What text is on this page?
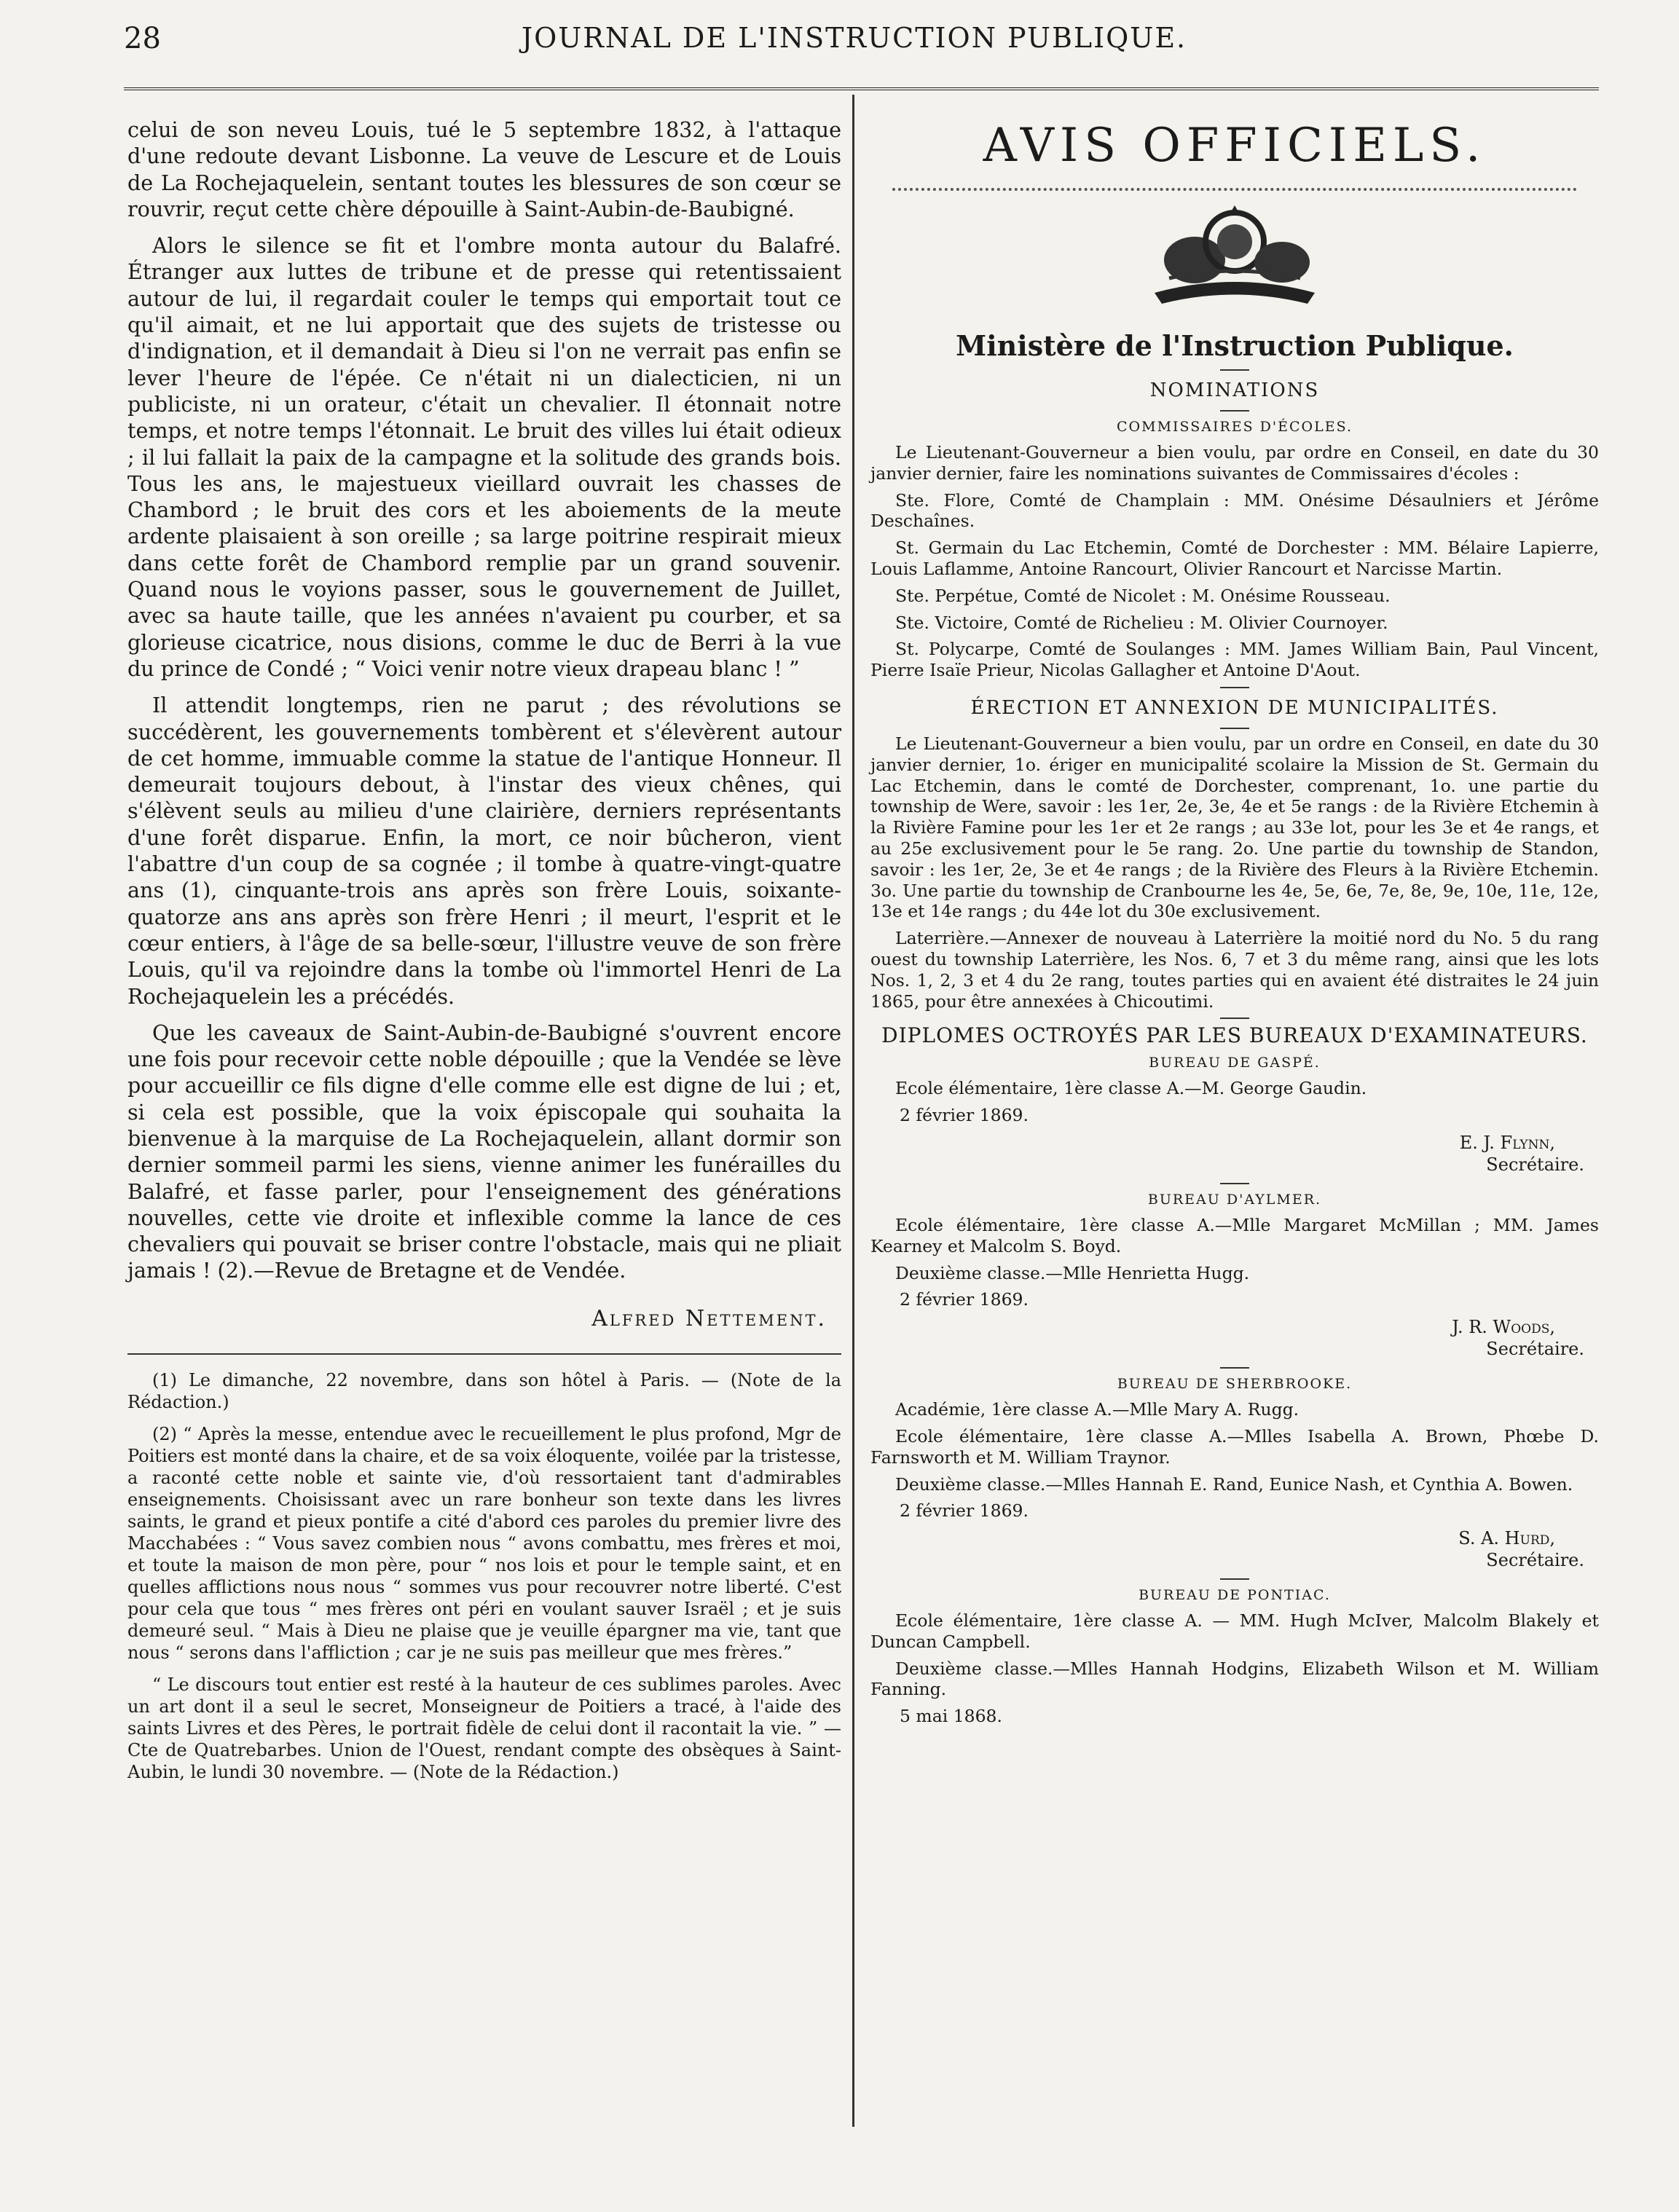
28	JOURNAL DE L'INSTRUCTION PUBLIQUE.

celui de son neveu Louis, tué le 5 septembre 1832, à l'attaque d'une redoute devant Lisbonne. La veuve de Lescure et de Louis de La Rochejaquelein, sentant toutes les blessures de son cœur se rouvrir, reçut cette chère dépouille à Saint-Aubin-de-Baubigné.

Alors le silence se fit et l'ombre monta autour du Balafré. Étranger aux luttes de tribune et de presse qui retentissaient autour de lui, il regardait couler le temps qui emportait tout ce qu'il aimait, et ne lui apportait que des sujets de tristesse ou d'indignation, et il demandait à Dieu si l'on ne verrait pas enfin se lever l'heure de l'épée. Ce n'était ni un dialecticien, ni un publiciste, ni un orateur, c'était un chevalier. Il étonnait notre temps, et notre temps l'étonnait. Le bruit des villes lui était odieux ; il lui fallait la paix de la campagne et la solitude des grands bois. Tous les ans, le majestueux vieillard ouvrait les chasses de Chambord ; le bruit des cors et les aboiements de la meute ardente plaisaient à son oreille ; sa large poitrine respirait mieux dans cette forêt de Chambord remplie par un grand souvenir. Quand nous le voyions passer, sous le gouvernement de Juillet, avec sa haute taille, que les années n'avaient pu courber, et sa glorieuse cicatrice, nous disions, comme le duc de Berri à la vue du prince de Condé ; “ Voici venir notre vieux drapeau blanc ! ”

Il attendit longtemps, rien ne parut ; des révolutions se succédèrent, les gouvernements tombèrent et s'élevèrent autour de cet homme, immuable comme la statue de l'antique Honneur. Il demeurait toujours debout, à l'instar des vieux chênes, qui s'élèvent seuls au milieu d'une clairière, derniers représentants d'une forêt disparue. Enfin, la mort, ce noir bûcheron, vient l'abattre d'un coup de sa cognée ; il tombe à quatre-vingt-quatre ans (1), cinquante-trois ans après son frère Louis, soixante-quatorze ans ans après son frère Henri ; il meurt, l'esprit et le cœur entiers, à l'âge de sa belle-sœur, l'illustre veuve de son frère Louis, qu'il va rejoindre dans la tombe où l'immortel Henri de La Rochejaquelein les a précédés.

Que les caveaux de Saint-Aubin-de-Baubigné s'ouvrent encore une fois pour recevoir cette noble dépouille ; que la Vendée se lève pour accueillir ce fils digne d'elle comme elle est digne de lui ; et, si cela est possible, que la voix épiscopale qui souhaita la bienvenue à la marquise de La Rochejaquelein, allant dormir son dernier sommeil parmi les siens, vienne animer les funérailles du Balafré, et fasse parler, pour l'enseignement des générations nouvelles, cette vie droite et inflexible comme la lance de ces chevaliers qui pouvait se briser contre l'obstacle, mais qui ne pliait jamais ! (2).—Revue de Bretagne et de Vendée.

Alfred Nettement.

(1) Le dimanche, 22 novembre, dans son hôtel à Paris. — (Note de la Rédaction.)

(2) “ Après la messe, entendue avec le recueillement le plus profond, Mgr de Poitiers est monté dans la chaire, et de sa voix éloquente, voilée par la tristesse, a raconté cette noble et sainte vie, d'où ressortaient tant d'admirables enseignements. Choisissant avec un rare bonheur son texte dans les livres saints, le grand et pieux pontife a cité d'abord ces paroles du premier livre des Macchabées : “ Vous savez combien nous “ avons combattu, mes frères et moi, et toute la maison de mon père, pour “ nos lois et pour le temple saint, et en quelles afflictions nous nous “ sommes vus pour recouvrer notre liberté. C'est pour cela que tous “ mes frères ont péri en voulant sauver Israël ; et je suis demeuré seul. “ Mais à Dieu ne plaise que je veuille épargner ma vie, tant que nous “ serons dans l'affliction ; car je ne suis pas meilleur que mes frères.”

“ Le discours tout entier est resté à la hauteur de ces sublimes paroles. Avec un art dont il a seul le secret, Monseigneur de Poitiers a tracé, à l'aide des saints Livres et des Pères, le portrait fidèle de celui dont il racontait la vie. ” — Cte de Quatrebarbes. Union de l'Ouest, rendant compte des obsèques à Saint-Aubin, le lundi 30 novembre. — (Note de la Rédaction.)

AVIS OFFICIELS.
Ministère de l'Instruction Publique.
NOMINATIONS
COMMISSAIRES D'ÉCOLES.

Le Lieutenant-Gouverneur a bien voulu, par ordre en Conseil, en date du 30 janvier dernier, faire les nominations suivantes de Commissaires d'écoles :

Ste. Flore, Comté de Champlain : MM. Onésime Désaulniers et Jérôme Deschaînes.

St. Germain du Lac Etchemin, Comté de Dorchester : MM. Bélaire Lapierre, Louis Laflamme, Antoine Rancourt, Olivier Rancourt et Narcisse Martin.

Ste. Perpétue, Comté de Nicolet : M. Onésime Rousseau.

Ste. Victoire, Comté de Richelieu : M. Olivier Cournoyer.

St. Polycarpe, Comté de Soulanges : MM. James William Bain, Paul Vincent, Pierre Isaïe Prieur, Nicolas Gallagher et Antoine D'Aout.

ÉRECTION ET ANNEXION DE MUNICIPALITÉS.

Le Lieutenant-Gouverneur a bien voulu, par un ordre en Conseil, en date du 30 janvier dernier, 1o. ériger en municipalité scolaire la Mission de St. Germain du Lac Etchemin, dans le comté de Dorchester, comprenant, 1o. une partie du township de Were, savoir : les 1er, 2e, 3e, 4e et 5e rangs : de la Rivière Etchemin à la Rivière Famine pour les 1er et 2e rangs ; au 33e lot, pour les 3e et 4e rangs, et au 25e exclusivement pour le 5e rang. 2o. Une partie du township de Standon, savoir : les 1er, 2e, 3e et 4e rangs ; de la Rivière des Fleurs à la Rivière Etchemin. 3o. Une partie du township de Cranbourne les 4e, 5e, 6e, 7e, 8e, 9e, 10e, 11e, 12e, 13e et 14e rangs ; du 44e lot du 30e exclusivement.

Laterrière.—Annexer de nouveau à Laterrière la moitié nord du No. 5 du rang ouest du township Laterrière, les Nos. 6, 7 et 3 du même rang, ainsi que les lots Nos. 1, 2, 3 et 4 du 2e rang, toutes parties qui en avaient été distraites le 24 juin 1865, pour être annexées à Chicoutimi.

DIPLOMES OCTROYÉS PAR LES BUREAUX D'EXAMINATEURS.
BUREAU DE GASPÉ.

Ecole élémentaire, 1ère classe A.—M. George Gaudin.

2 février 1869.

E. J. Flynn,
Secrétaire.
BUREAU D'AYLMER.

Ecole élémentaire, 1ère classe A.—Mlle Margaret McMillan ; MM. James Kearney et Malcolm S. Boyd.

Deuxième classe.—Mlle Henrietta Hugg.

2 février 1869.

J. R. Woods,
Secrétaire.
BUREAU DE SHERBROOKE.

Académie, 1ère classe A.—Mlle Mary A. Rugg.

Ecole élémentaire, 1ère classe A.—Mlles Isabella A. Brown, Phœbe D. Farnsworth et M. William Traynor.

Deuxième classe.—Mlles Hannah E. Rand, Eunice Nash, et Cynthia A. Bowen.

2 février 1869.

S. A. Hurd,
Secrétaire.
BUREAU DE PONTIAC.

Ecole élémentaire, 1ère classe A. — MM. Hugh McIver, Malcolm Blakely et Duncan Campbell.

Deuxième classe.—Mlles Hannah Hodgins, Elizabeth Wilson et M. William Fanning.

5 mai 1868.
